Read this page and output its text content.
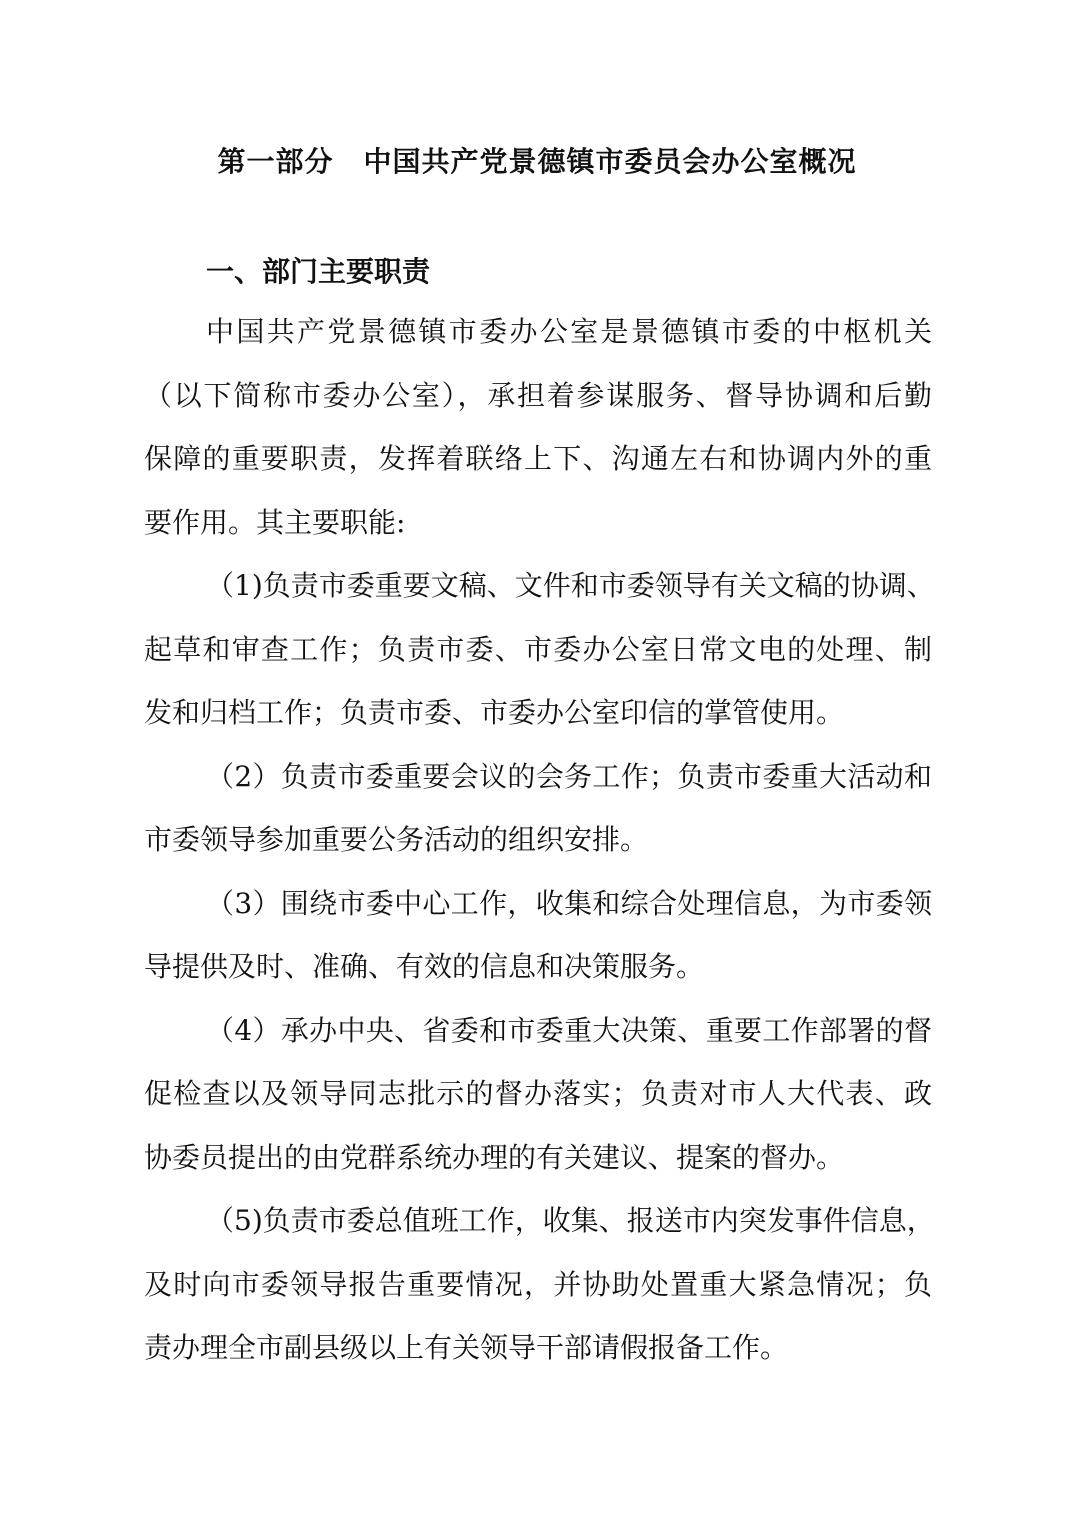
第一部分 中国共产党景德镇市委员会办公室概况
一、部门主要职责
中国共产党景德镇市委办公室是景德镇市委的中枢机关
（以下简称市委办公室），承担着参谋服务、督导协调和后勤
保障的重要职责，发挥着联络上下、沟通左右和协调内外的重
要作用。其主要职能:
（1)负责市委重要文稿、文件和市委领导有关文稿的协调、
起草和审查工作；负责市委、市委办公室日常文电的处理、制
发和归档工作；负责市委、市委办公室印信的掌管使用。
（2）负责市委重要会议的会务工作；负责市委重大活动和
市委领导参加重要公务活动的组织安排。
（3）围绕市委中心工作，收集和综合处理信息，为市委领
导提供及时、准确、有效的信息和决策服务。
（4）承办中央、省委和市委重大决策、重要工作部署的督
促检查以及领导同志批示的督办落实；负责对市人大代表、政
协委员提出的由党群系统办理的有关建议、提案的督办。
（5)负责市委总值班工作，收集、报送市内突发事件信息，
及时向市委领导报告重要情况，并协助处置重大紧急情况；负
责办理全市副县级以上有关领导干部请假报备工作。
